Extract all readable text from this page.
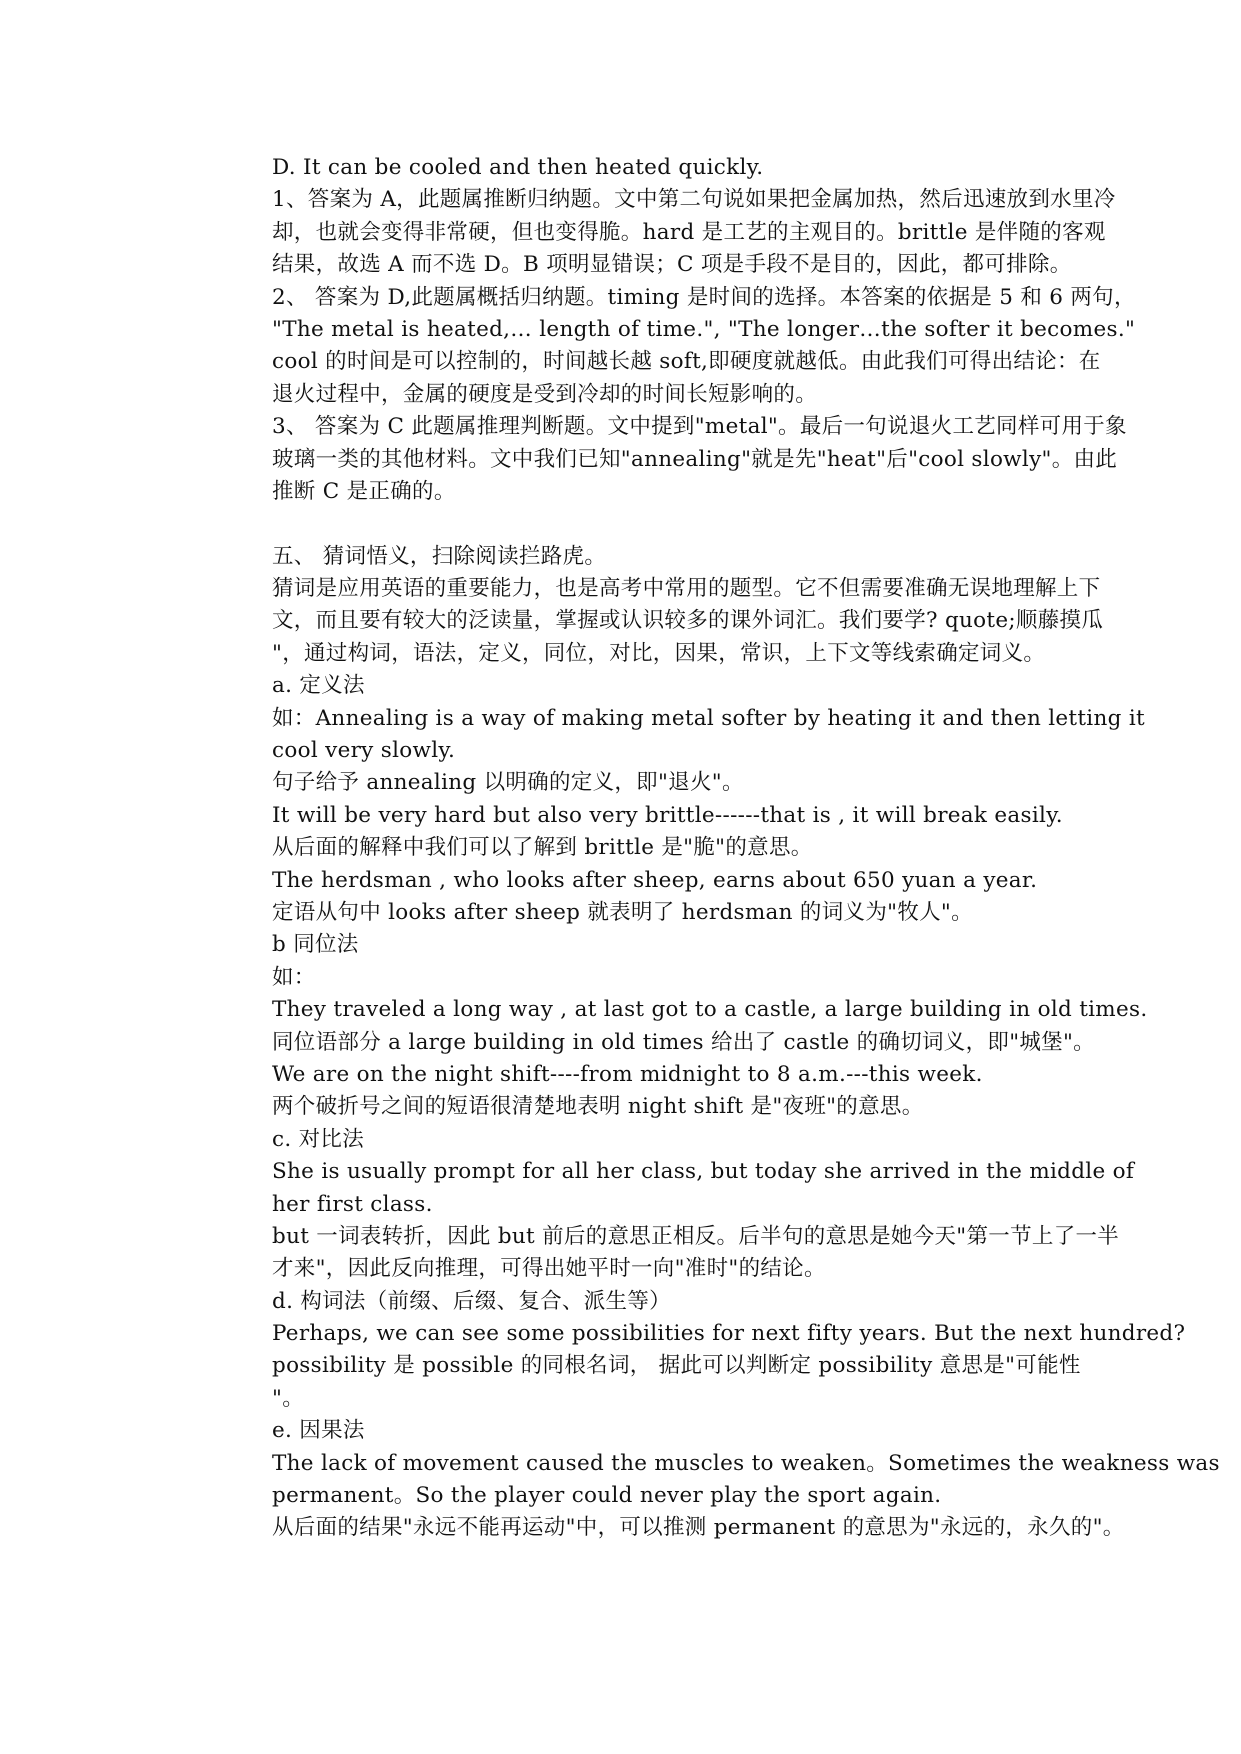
D. It can be cooled and then heated quickly.
1、答案为 A，此题属推断归纳题。文中第二句说如果把金属加热，然后迅速放到水里冷
却，也就会变得非常硬，但也变得脆。hard 是工艺的主观目的。brittle 是伴随的客观
结果，故选 A 而不选 D。B 项明显错误；C 项是手段不是目的，因此，都可排除。
2、 答案为 D,此题属概括归纳题。timing 是时间的选择。本答案的依据是 5 和 6 两句，
"The metal is heated,… length of time.", "The longer…the softer it becomes."
cool 的时间是可以控制的，时间越长越 soft,即硬度就越低。由此我们可得出结论：在
退火过程中，金属的硬度是受到冷却的时间长短影响的。
3、 答案为 C 此题属推理判断题。文中提到"metal"。最后一句说退火工艺同样可用于象
玻璃一类的其他材料。文中我们已知"annealing"就是先"heat"后"cool slowly"。由此
推断 C 是正确的。
五、 猜词悟义，扫除阅读拦路虎。
猜词是应用英语的重要能力，也是高考中常用的题型。它不但需要准确无误地理解上下
文，而且要有较大的泛读量，掌握或认识较多的课外词汇。我们要学? quote;顺藤摸瓜
"，通过构词，语法，定义，同位，对比，因果，常识，上下文等线索确定词义。
a. 定义法
如：Annealing is a way of making metal softer by heating it and then letting it
cool very slowly.
句子给予 annealing 以明确的定义，即"退火"。
It will be very hard but also very brittle------that is , it will break easily.
从后面的解释中我们可以了解到 brittle 是"脆"的意思。
The herdsman , who looks after sheep, earns about 650 yuan a year.
定语从句中 looks after sheep 就表明了 herdsman 的词义为"牧人"。
b 同位法
如：
They traveled a long way , at last got to a castle, a large building in old times.
同位语部分 a large building in old times 给出了 castle 的确切词义，即"城堡"。
We are on the night shift----from midnight to 8 a.m.---this week.
两个破折号之间的短语很清楚地表明 night shift 是"夜班"的意思。
c. 对比法
She is usually prompt for all her class, but today she arrived in the middle of
her first class.
but 一词表转折，因此 but 前后的意思正相反。后半句的意思是她今天"第一节上了一半
才来"，因此反向推理，可得出她平时一向"准时"的结论。
d. 构词法（前缀、后缀、复合、派生等）
Perhaps, we can see some possibilities for next fifty years. But the next hundred?
possibility 是 possible 的同根名词， 据此可以判断定 possibility 意思是"可能性
"。
e. 因果法
The lack of movement caused the muscles to weaken。Sometimes the weakness was
permanent。So the player could never play the sport again.
从后面的结果"永远不能再运动"中，可以推测 permanent 的意思为"永远的，永久的"。
